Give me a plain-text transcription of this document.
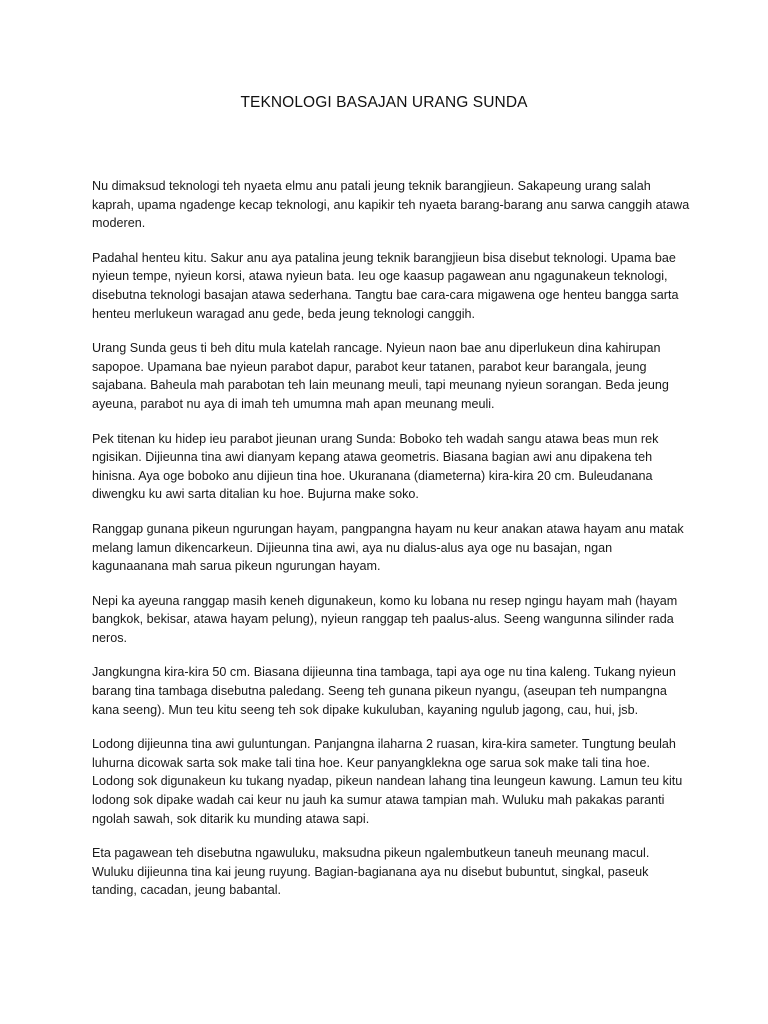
TEKNOLOGI BASAJAN URANG SUNDA

Nu dimaksud teknologi teh nyaeta elmu anu patali jeung teknik barangjieun. Sakapeung urang salah kaprah, upama ngadenge kecap teknologi, anu kapikir teh nyaeta barang-barang anu sarwa canggih atawa moderen.

Padahal henteu kitu. Sakur anu aya patalina jeung teknik barangjieun bisa disebut teknologi. Upama bae nyieun tempe, nyieun korsi, atawa nyieun bata. Ieu oge kaasup pagawean anu ngagunakeun teknologi, disebutna teknologi basajan atawa sederhana. Tangtu bae cara-cara migawena oge henteu bangga sarta henteu merlukeun waragad anu gede, beda jeung teknologi canggih.

Urang Sunda geus ti beh ditu mula katelah rancage. Nyieun naon bae anu diperlukeun dina kahirupan sapopoe. Upamana bae nyieun parabot dapur, parabot keur tatanen, parabot keur barangala, jeung sajabana. Baheula mah parabotan teh lain meunang meuli, tapi meunang nyieun sorangan. Beda jeung ayeuna, parabot nu aya di imah teh umumna mah apan meunang meuli.

Pek titenan ku hidep ieu parabot jieunan urang Sunda: Boboko teh wadah sangu atawa beas mun rek ngisikan. Dijieunna tina awi dianyam kepang atawa geometris. Biasana bagian awi anu dipakena teh hinisna. Aya oge boboko anu dijieun tina hoe. Ukuranana (diameterna) kira-kira 20 cm. Buleudanana diwengku ku awi sarta ditalian ku hoe. Bujurna make soko.

Ranggap gunana pikeun ngurungan hayam, pangpangna hayam nu keur anakan atawa hayam anu matak melang lamun dikencarkeun. Dijieunna tina awi, aya nu dialus-alus aya oge nu basajan, ngan kagunaanana mah sarua pikeun ngurungan hayam.

Nepi ka ayeuna ranggap masih keneh digunakeun, komo ku lobana nu resep ngingu hayam mah (hayam bangkok, bekisar, atawa hayam pelung), nyieun ranggap teh paalus-alus. Seeng wangunna silinder rada neros.

Jangkungna kira-kira 50 cm. Biasana dijieunna tina tambaga, tapi aya oge nu tina kaleng. Tukang nyieun barang tina tambaga disebutna paledang. Seeng teh gunana pikeun nyangu, (aseupan teh numpangna kana seeng). Mun teu kitu seeng teh sok dipake kukuluban, kayaning ngulub jagong, cau, hui, jsb.

Lodong dijieunna tina awi guluntungan. Panjangna ilaharna 2 ruasan, kira-kira sameter. Tungtung beulah luhurna dicowak sarta sok make tali tina hoe. Keur panyangklekna oge sarua sok make tali tina hoe. Lodong sok digunakeun ku tukang nyadap, pikeun nandean lahang tina leungeun kawung. Lamun teu kitu lodong sok dipake wadah cai keur nu jauh ka sumur atawa tampian mah. Wuluku mah pakakas paranti ngolah sawah, sok ditarik ku munding atawa sapi.

Eta pagawean teh disebutna ngawuluku, maksudna pikeun ngalembutkeun taneuh meunang macul. Wuluku dijieunna tina kai jeung ruyung. Bagian-bagianana aya nu disebut bubuntut, singkal, paseuk tanding, cacadan, jeung babantal.
